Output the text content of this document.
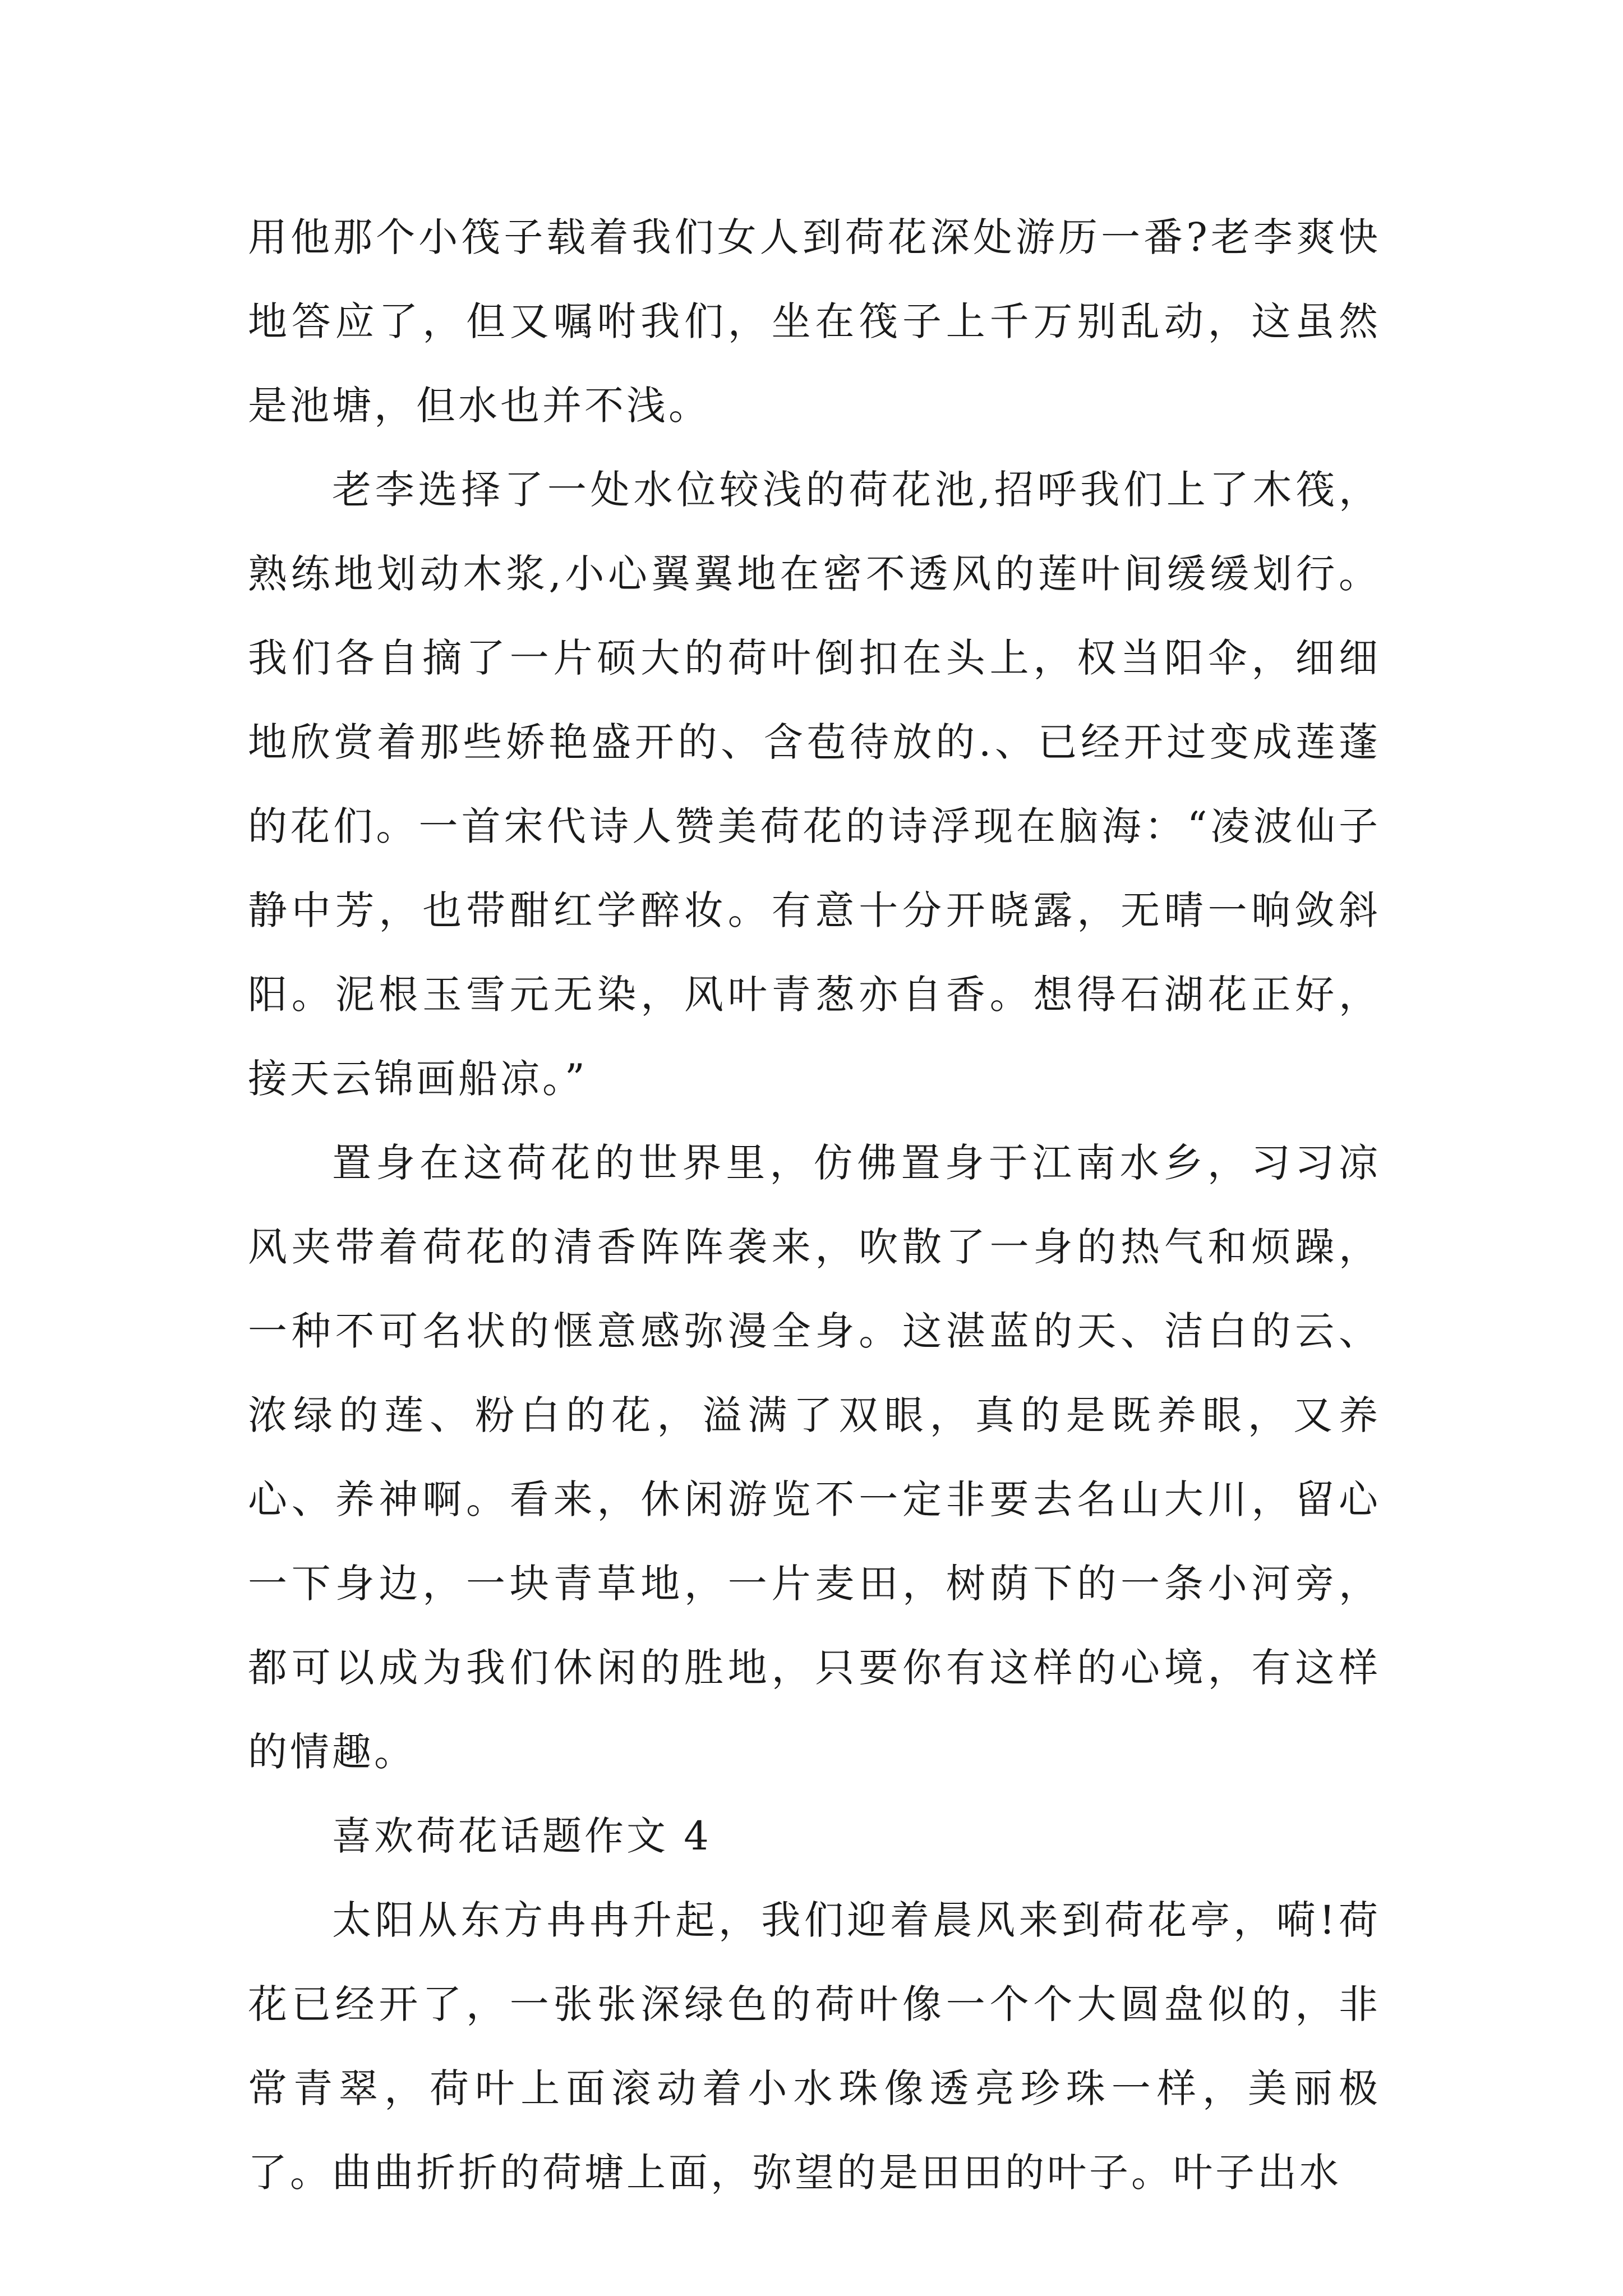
用他那个小筏子载着我们女人到荷花深处游历一番?老李爽快地答应了，但又嘱咐我们，坐在筏子上千万别乱动，这虽然是池塘，但水也并不浅。

老李选择了一处水位较浅的荷花池,招呼我们上了木筏，熟练地划动木浆,小心翼翼地在密不透风的莲叶间缓缓划行。我们各自摘了一片硕大的荷叶倒扣在头上，权当阳伞，细细地欣赏着那些娇艳盛开的、含苞待放的.、已经开过变成莲蓬的花们。一首宋代诗人赞美荷花的诗浮现在脑海：“凌波仙子静中芳，也带酣红学醉妆。有意十分开晓露，无晴一晌敛斜阳。泥根玉雪元无染，风叶青葱亦自香。想得石湖花正好，接天云锦画船凉。”

置身在这荷花的世界里，仿佛置身于江南水乡，习习凉风夹带着荷花的清香阵阵袭来，吹散了一身的热气和烦躁，一种不可名状的惬意感弥漫全身。这湛蓝的天、洁白的云、浓绿的莲、粉白的花，溢满了双眼，真的是既养眼，又养心、养神啊。看来，休闲游览不一定非要去名山大川，留心一下身边，一块青草地，一片麦田，树荫下的一条小河旁，都可以成为我们休闲的胜地，只要你有这样的心境，有这样的情趣。

喜欢荷花话题作文 4

太阳从东方冉冉升起，我们迎着晨风来到荷花亭，嗬!荷花已经开了，一张张深绿色的荷叶像一个个大圆盘似的，非常青翠，荷叶上面滚动着小水珠像透亮珍珠一样，美丽极了。曲曲折折的荷塘上面，弥望的是田田的叶子。叶子出水
